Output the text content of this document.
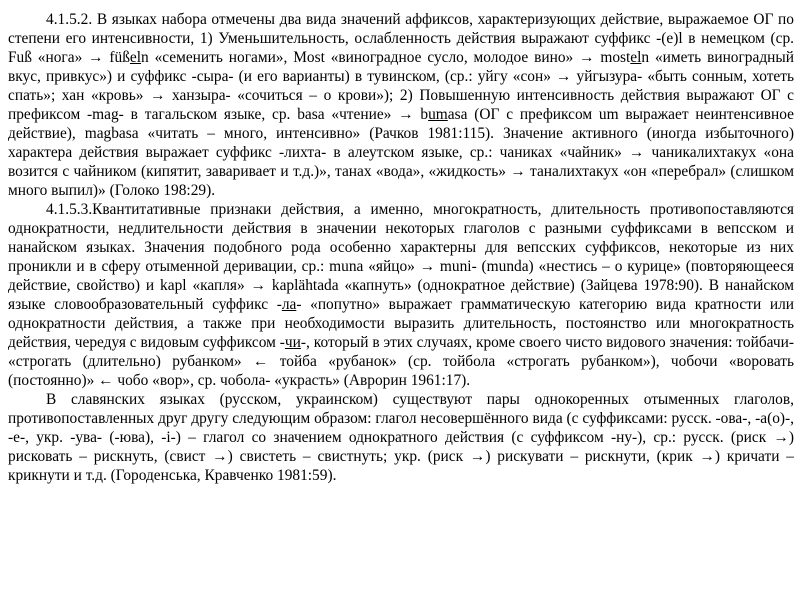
4.1.5.2. В языках набора отмечены два вида значений аффиксов, характеризующих действие, выражаемое ОГ по степени его интенсивности, 1) Уменьшительность, ослабленность действия выражают суффикс -(e)l в немецком (ср. Fuß «нога» → füßeln «семенить ногами», Most «виноградное сусло, молодое вино» → mosteln «иметь виноградный вкус, привкус») и суффикс -сыра- (и его варианты) в тувинском, (ср.: уйгу «сон» → уйгызура- «быть сонным, хотеть спать»; хан «кровь» → ханзыра- «сочиться – о крови»); 2) Повышенную интенсивность действия выражают ОГ с префиксом -mag- в тагальском языке, ср. basa «чтение» → bumasa (ОГ с префиксом um выражает неинтенсивное действие), magbasa «читать – много, интенсивно» (Рачков 1981:115). Значение активного (иногда избыточного) характера действия выражает суффикс -лихта- в алеутском языке, ср.: чаниках «чайник» → чаникалихтакух «она возится с чайником (кипятит, заваривает и т.д.)», танах «вода», «жидкость» → таналихтакух «он «перебрал» (слишком много выпил)» (Голоко 198:29).

4.1.5.3.Квантитативные признаки действия, а именно, многократность, длительность противопоставляются однократности, недлительности действия в значении некоторых глаголов с разными суффиксами в вепсском и нанайском языках. Значения подобного рода особенно характерны для вепсских суффиксов, некоторые из них проникли и в сферу отыменной деривации, ср.: muna «яйцо» → muni- (munda) «нестись – о курице» (повторяющееся действие, свойство) и kapl «капля» → kaplähtada «капнуть» (однократное действие) (Зайцева 1978:90). В нанайском языке словообразовательный суффикс -ла- «попутно» выражает грамматическую категорию вида кратности или однократности действия, а также при необходимости выразить длительность, постоянство или многократность действия, чередуя с видовым суффиксом -чи-, который в этих случаях, кроме своего чисто видового значения: тойбачи- «строгать (длительно) рубанком» ← тойба «рубанок» (ср. тойбола «строгать рубанком»), чобочи «воровать (постоянно)» ← чобо «вор», ср. чобола- «украсть» (Аврорин 1961:17).

В славянских языках (русском, украинском) существуют пары однокоренных отыменных глаголов, противопоставленных друг другу следующим образом: глагол несовершённого вида (с суффиксами: русск. -ова-, -а(о)-, -е-, укр. -ува- (-юва), -і-) – глагол со значением однократного действия (с суффиксом -ну-), ср.: русск. (риск →) рисковать – рискнуть, (свист →) свистеть – свистнуть; укр. (риск →) рискувати – рискнути, (крик →) кричати – крикнути и т.д. (Городенська, Кравченко 1981:59).
